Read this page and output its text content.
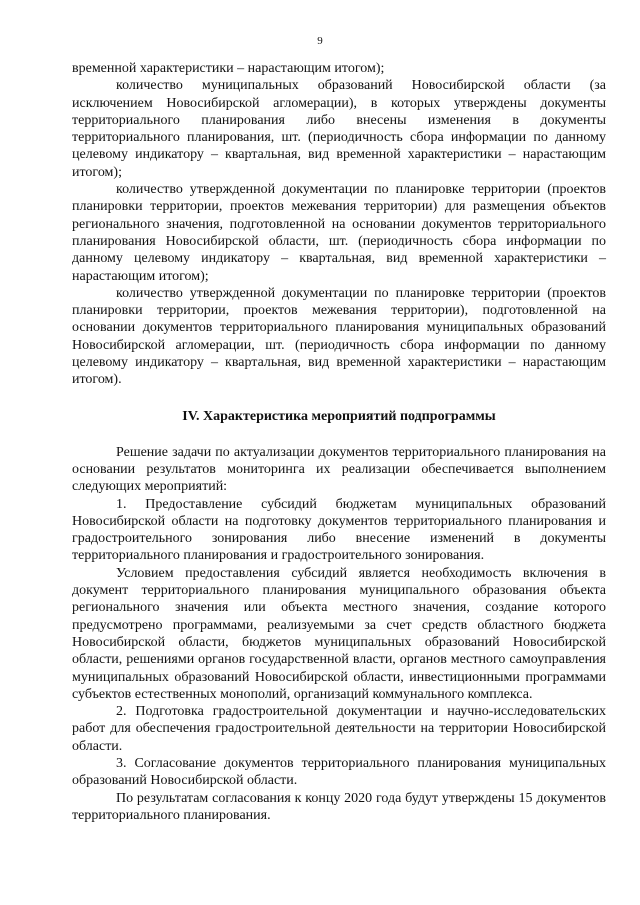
9

временной характеристики – нарастающим итогом);

количество муниципальных образований Новосибирской области (за исключением Новосибирской агломерации), в которых утверждены документы территориального планирования либо внесены изменения в документы территориального планирования, шт. (периодичность сбора информации по данному целевому индикатору – квартальная, вид временной характеристики – нарастающим итогом);

количество утвержденной документации по планировке территории (проектов планировки территории, проектов межевания территории) для размещения объектов регионального значения, подготовленной на основании документов территориального планирования Новосибирской области, шт. (периодичность сбора информации по данному целевому индикатору – квартальная, вид временной характеристики – нарастающим итогом);

количество утвержденной документации по планировке территории (проектов планировки территории, проектов межевания территории), подготовленной на основании документов территориального планирования муниципальных образований Новосибирской агломерации, шт. (периодичность сбора информации по данному целевому индикатору – квартальная, вид временной характеристики – нарастающим итогом).

IV. Характеристика мероприятий подпрограммы

Решение задачи по актуализации документов территориального планирования на основании результатов мониторинга их реализации обеспечивается выполнением следующих мероприятий:

1. Предоставление субсидий бюджетам муниципальных образований Новосибирской области на подготовку документов территориального планирования и градостроительного зонирования либо внесение изменений в документы территориального планирования и градостроительного зонирования.

Условием предоставления субсидий является необходимость включения в документ территориального планирования муниципального образования объекта регионального значения или объекта местного значения, создание которого предусмотрено программами, реализуемыми за счет средств областного бюджета Новосибирской области, бюджетов муниципальных образований Новосибирской области, решениями органов государственной власти, органов местного самоуправления муниципальных образований Новосибирской области, инвестиционными программами субъектов естественных монополий, организаций коммунального комплекса.

2. Подготовка градостроительной документации и научно-исследовательских работ для обеспечения градостроительной деятельности на территории Новосибирской области.

3. Согласование документов территориального планирования муниципальных образований Новосибирской области.

По результатам согласования к концу 2020 года будут утверждены 15 документов территориального планирования.
